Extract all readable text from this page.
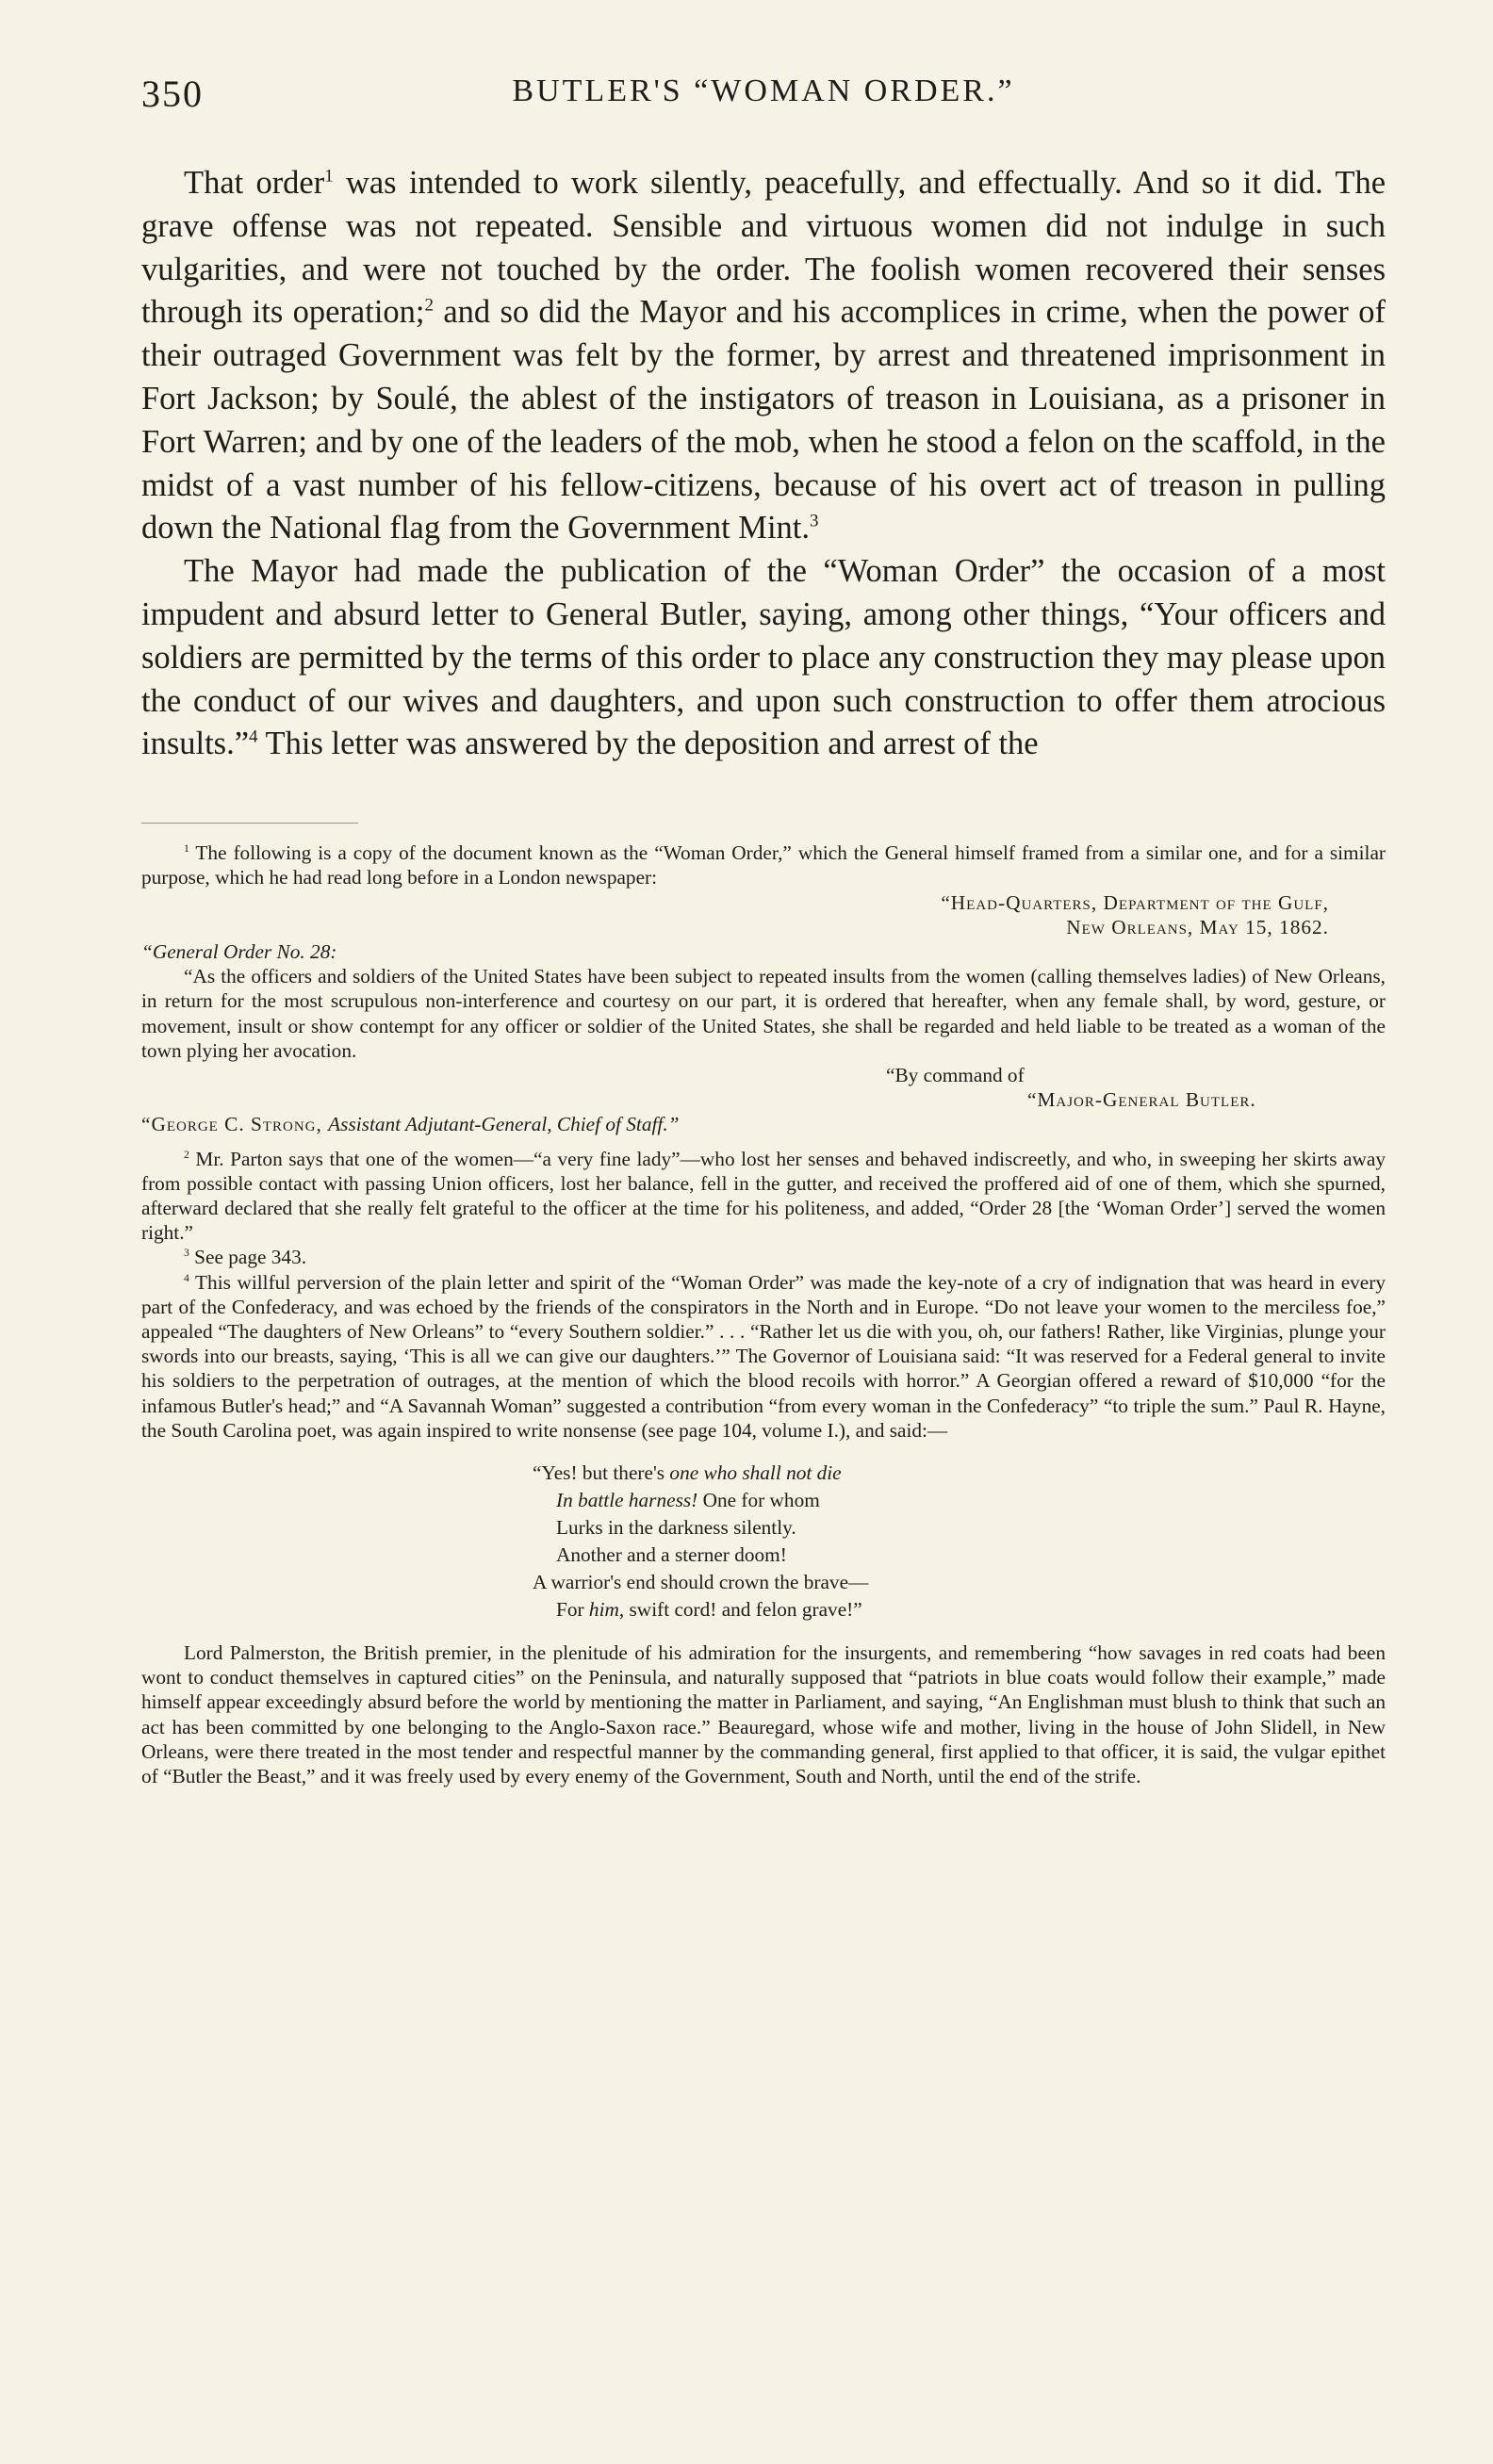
350	BUTLER'S “WOMAN ORDER.”

That order$^1$ was intended to work silently, peacefully, and effectually. And so it did. The grave offense was not repeated. Sensible and virtuous women did not indulge in such vulgarities, and were not touched by the order. The foolish women recovered their senses through its operation;$^2$ and so did the Mayor and his accomplices in crime, when the power of their outraged Government was felt by the former, by arrest and threatened imprisonment in Fort Jackson; by Soulé, the ablest of the instigators of treason in Louisiana, as a prisoner in Fort Warren; and by one of the leaders of the mob, when he stood a felon on the scaffold, in the midst of a vast number of his fellow-citizens, because of his overt act of treason in pulling down the National flag from the Government Mint.$^3$

The Mayor had made the publication of the “Woman Order” the occasion of a most impudent and absurd letter to General Butler, saying, among other things, “Your officers and soldiers are permitted by the terms of this order to place any construction they may please upon the conduct of our wives and daughters, and upon such construction to offer them atrocious insults.”$^4$ This letter was answered by the deposition and arrest of the

$^1$ The following is a copy of the document known as the “Woman Order,” which the General himself framed from a similar one, and for a similar purpose, which he had read long before in a London newspaper:

“Head-Quarters, Department of the Gulf,

New Orleans, May 15, 1862.

“General Order No. 28:

“As the officers and soldiers of the United States have been subject to repeated insults from the women (calling themselves ladies) of New Orleans, in return for the most scrupulous non-interference and courtesy on our part, it is ordered that hereafter, when any female shall, by word, gesture, or movement, insult or show contempt for any officer or soldier of the United States, she shall be regarded and held liable to be treated as a woman of the town plying her avocation.

“By command of

“Major-General Butler.

“George C. Strong, Assistant Adjutant-General, Chief of Staff.”

$^2$ Mr. Parton says that one of the women—“a very fine lady”—who lost her senses and behaved indiscreetly, and who, in sweeping her skirts away from possible contact with passing Union officers, lost her balance, fell in the gutter, and received the proffered aid of one of them, which she spurned, afterward declared that she really felt grateful to the officer at the time for his politeness, and added, “Order 28 [the ‘Woman Order’] served the women right.”

$^3$ See page 343.

$^4$ This willful perversion of the plain letter and spirit of the “Woman Order” was made the key-note of a cry of indignation that was heard in every part of the Confederacy, and was echoed by the friends of the conspirators in the North and in Europe. “Do not leave your women to the merciless foe,” appealed “The daughters of New Orleans” to “every Southern soldier.” . . . “Rather let us die with you, oh, our fathers! Rather, like Virginias, plunge your swords into our breasts, saying, ‘This is all we can give our daughters.’” The Governor of Louisiana said: “It was reserved for a Federal general to invite his soldiers to the perpetration of outrages, at the mention of which the blood recoils with horror.” A Georgian offered a reward of $10,000 “for the infamous Butler's head;” and “A Savannah Woman” suggested a contribution “from every woman in the Confederacy” “to triple the sum.” Paul R. Hayne, the South Carolina poet, was again inspired to write nonsense (see page 104, volume I.), and said:—

“Yes! but there's one who shall not die
In battle harness! One for whom
Lurks in the darkness silently.
Another and a sterner doom!
A warrior's end should crown the brave—
For him, swift cord! and felon grave!”

Lord Palmerston, the British premier, in the plenitude of his admiration for the insurgents, and remembering “how savages in red coats had been wont to conduct themselves in captured cities” on the Peninsula, and naturally supposed that “patriots in blue coats would follow their example,” made himself appear exceedingly absurd before the world by mentioning the matter in Parliament, and saying, “An Englishman must blush to think that such an act has been committed by one belonging to the Anglo-Saxon race.” Beauregard, whose wife and mother, living in the house of John Slidell, in New Orleans, were there treated in the most tender and respectful manner by the commanding general, first applied to that officer, it is said, the vulgar epithet of “Butler the Beast,” and it was freely used by every enemy of the Government, South and North, until the end of the strife.
